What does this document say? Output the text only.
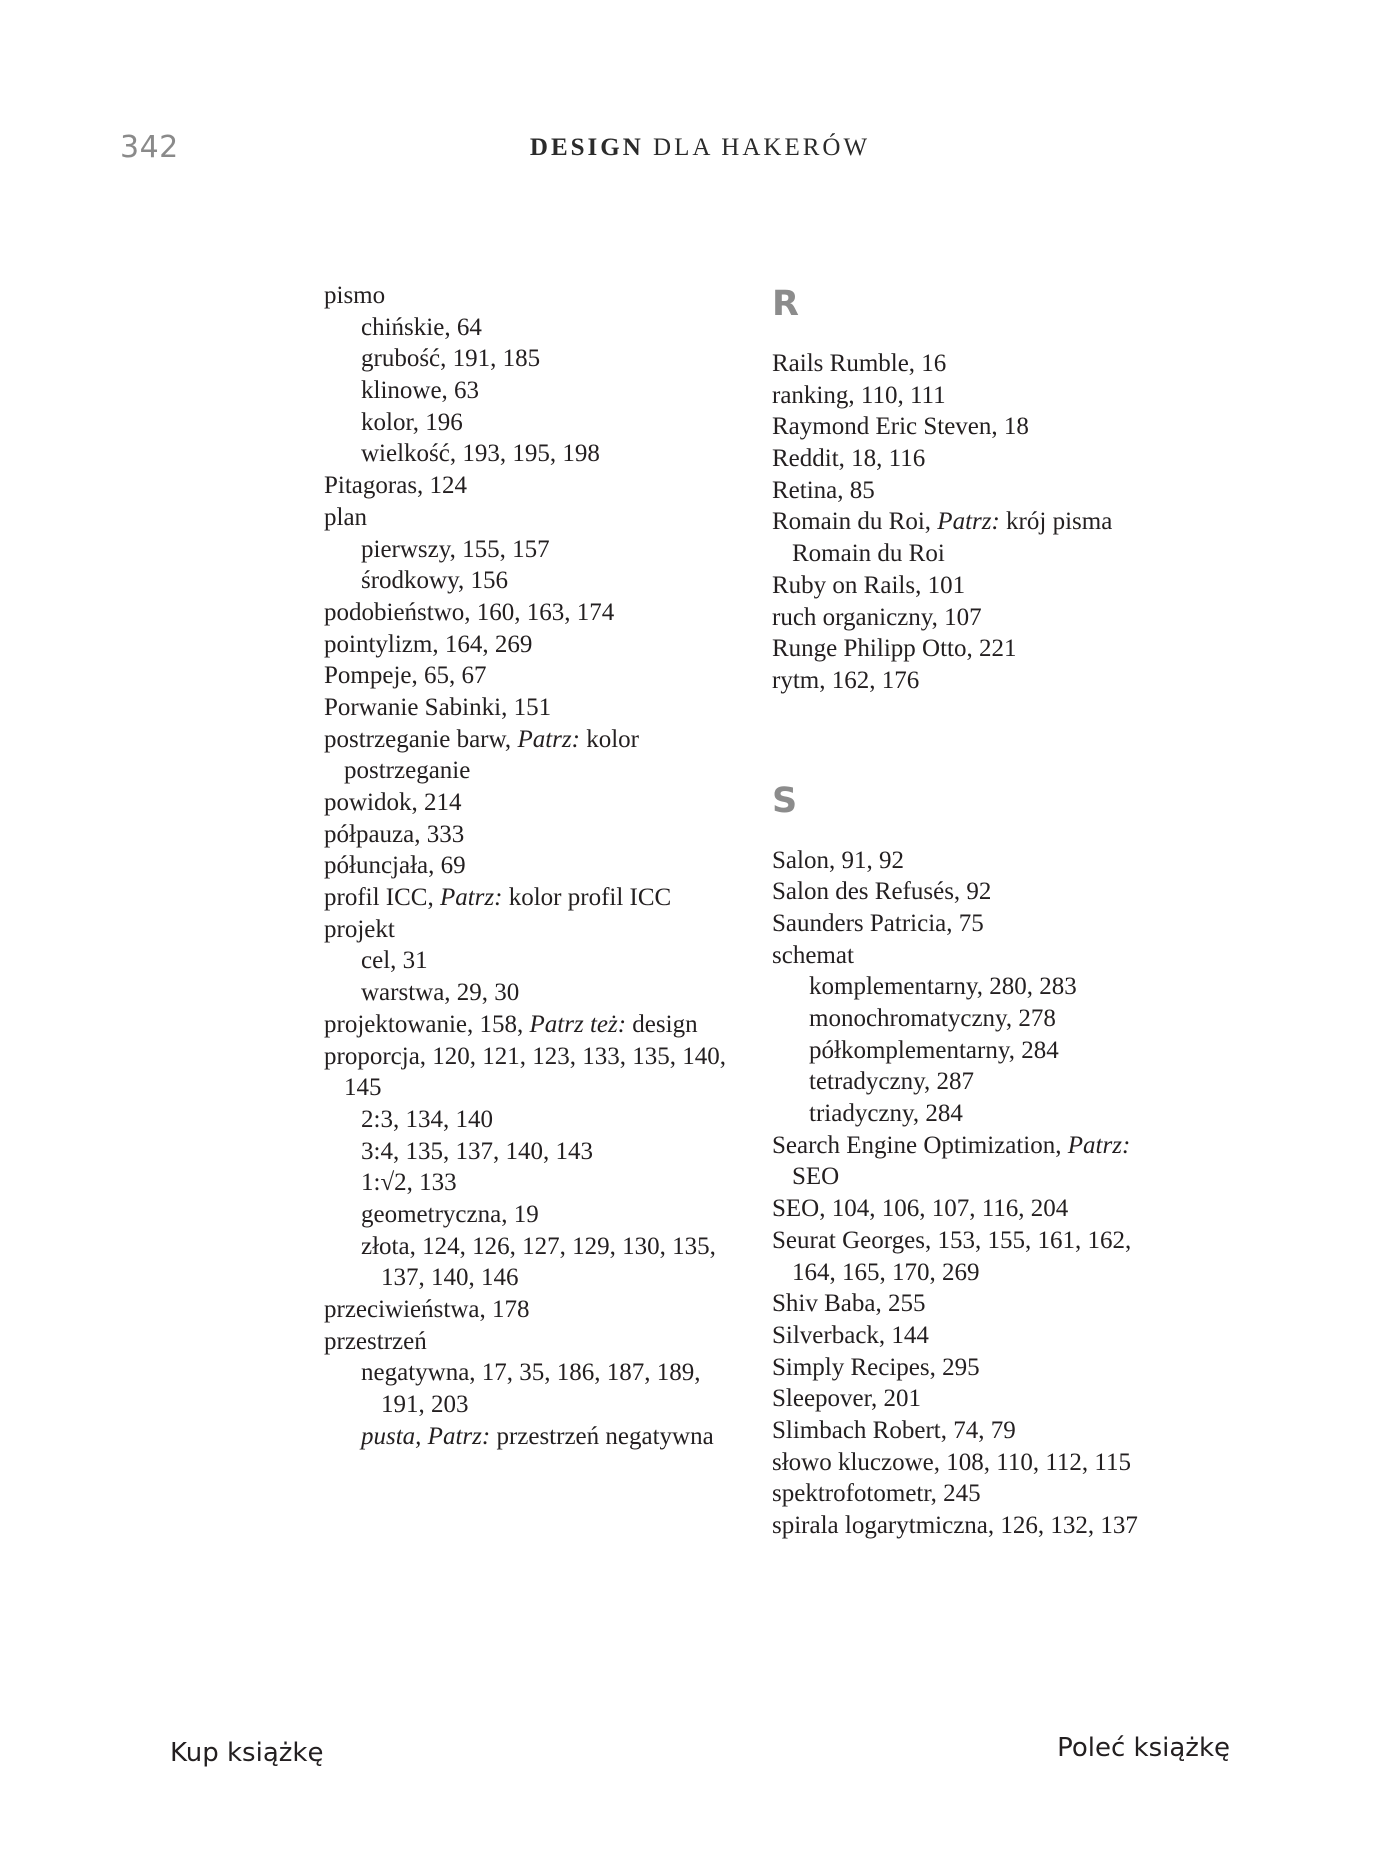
342	DESIGN DLA HAKERÓW
pismo
chińskie, 64
grubość, 191, 185
klinowe, 63
kolor, 196
wielkość, 193, 195, 198
Pitagoras, 124
plan
pierwszy, 155, 157
środkowy, 156
podobieństwo, 160, 163, 174
pointylizm, 164, 269
Pompeje, 65, 67
Porwanie Sabinki, 151
postrzeganie barw, Patrz: kolor
postrzeganie
powidok, 214
półpauza, 333
półuncjała, 69
profil ICC, Patrz: kolor profil ICC
projekt
cel, 31
warstwa, 29, 30
projektowanie, 158, Patrz też: design
proporcja, 120, 121, 123, 133, 135, 140,
145
2:3, 134, 140
3:4, 135, 137, 140, 143
1:√2, 133
geometryczna, 19
złota, 124, 126, 127, 129, 130, 135,
137, 140, 146
przeciwieństwa, 178
przestrzeń
negatywna, 17, 35, 186, 187, 189,
191, 203
pusta, Patrz: przestrzeń negatywna
R
Rails Rumble, 16
ranking, 110, 111
Raymond Eric Steven, 18
Reddit, 18, 116
Retina, 85
Romain du Roi, Patrz: krój pisma
Romain du Roi
Ruby on Rails, 101
ruch organiczny, 107
Runge Philipp Otto, 221
rytm, 162, 176
S
Salon, 91, 92
Salon des Refusés, 92
Saunders Patricia, 75
schemat
komplementarny, 280, 283
monochromatyczny, 278
półkomplementarny, 284
tetradyczny, 287
triadyczny, 284
Search Engine Optimization, Patrz:
SEO
SEO, 104, 106, 107, 116, 204
Seurat Georges, 153, 155, 161, 162,
164, 165, 170, 269
Shiv Baba, 255
Silverback, 144
Simply Recipes, 295
Sleepover, 201
Slimbach Robert, 74, 79
słowo kluczowe, 108, 110, 112, 115
spektrofotometr, 245
spirala logarytmiczna, 126, 132, 137
Kup książkę	Poleć książkę
